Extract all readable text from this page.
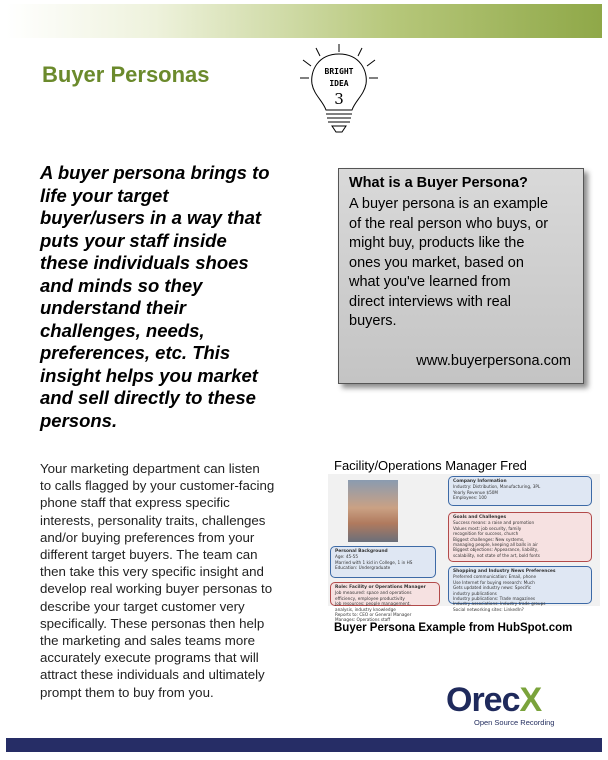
Buyer Personas	BRIGHT
IDEA
3
A buyer persona brings to
life your target
buyer/users in a way that
puts your staff inside
these individuals shoes
and minds so they
understand their
challenges, needs,
preferences, etc. This
insight helps you market
and sell directly to these
persons.
What is a Buyer Persona?
A buyer persona is an example
of the real person who buys, or
might buy, products like the
ones you market, based on
what you've learned from
direct interviews with real
buyers.
www.buyerpersona.com
Your marketing department can listen
to calls flagged by your customer-facing
phone staff that express specific
interests, personality traits, challenges
and/or buying preferences from your
different target buyers. The team can
then take this very specific insight and
develop real working buyer personas to
describe your target customer very
specifically. These personas then help
the marketing and sales teams more
accurately execute programs that will
attract these individuals and ultimately
prompt them to buy from you.
Facility/Operations Manager Fred
Company Information
Industry: Distribution, Manufacturing, 3PL
Yearly Revenue $50M
Employees: 100
Goals and Challenges
Success means: a raise and promotion
Values most: job security, family
recognition for success, church
Biggest challenges: New systems,
managing people, keeping all balls in air
Biggest objections: Appearance, liability,
scalability, not state of the art, bold fonts
Personal Background
Age: 45-55
Married with 1 kid in College, 1 in HS
Education: Undergraduate
Shopping and Industry News Preferences
Preferred communication: Email, phone
Use Internet for buying research: Much
Gets updated industry news: Specific
industry publications
Industry publications: Trade magazines
Industry associations: Industry trade groups
Social networking sites: LinkedIn?
Role: Facility or Operations Manager
Job measured: space and operations
efficiency, employee productivity
Job resources: people management,
analysis, industry knowledge
Reports to: CEO or General Manager
Manages: Operations staff
Buyer Persona Example from HubSpot.com
OrecX
Open Source Recording
